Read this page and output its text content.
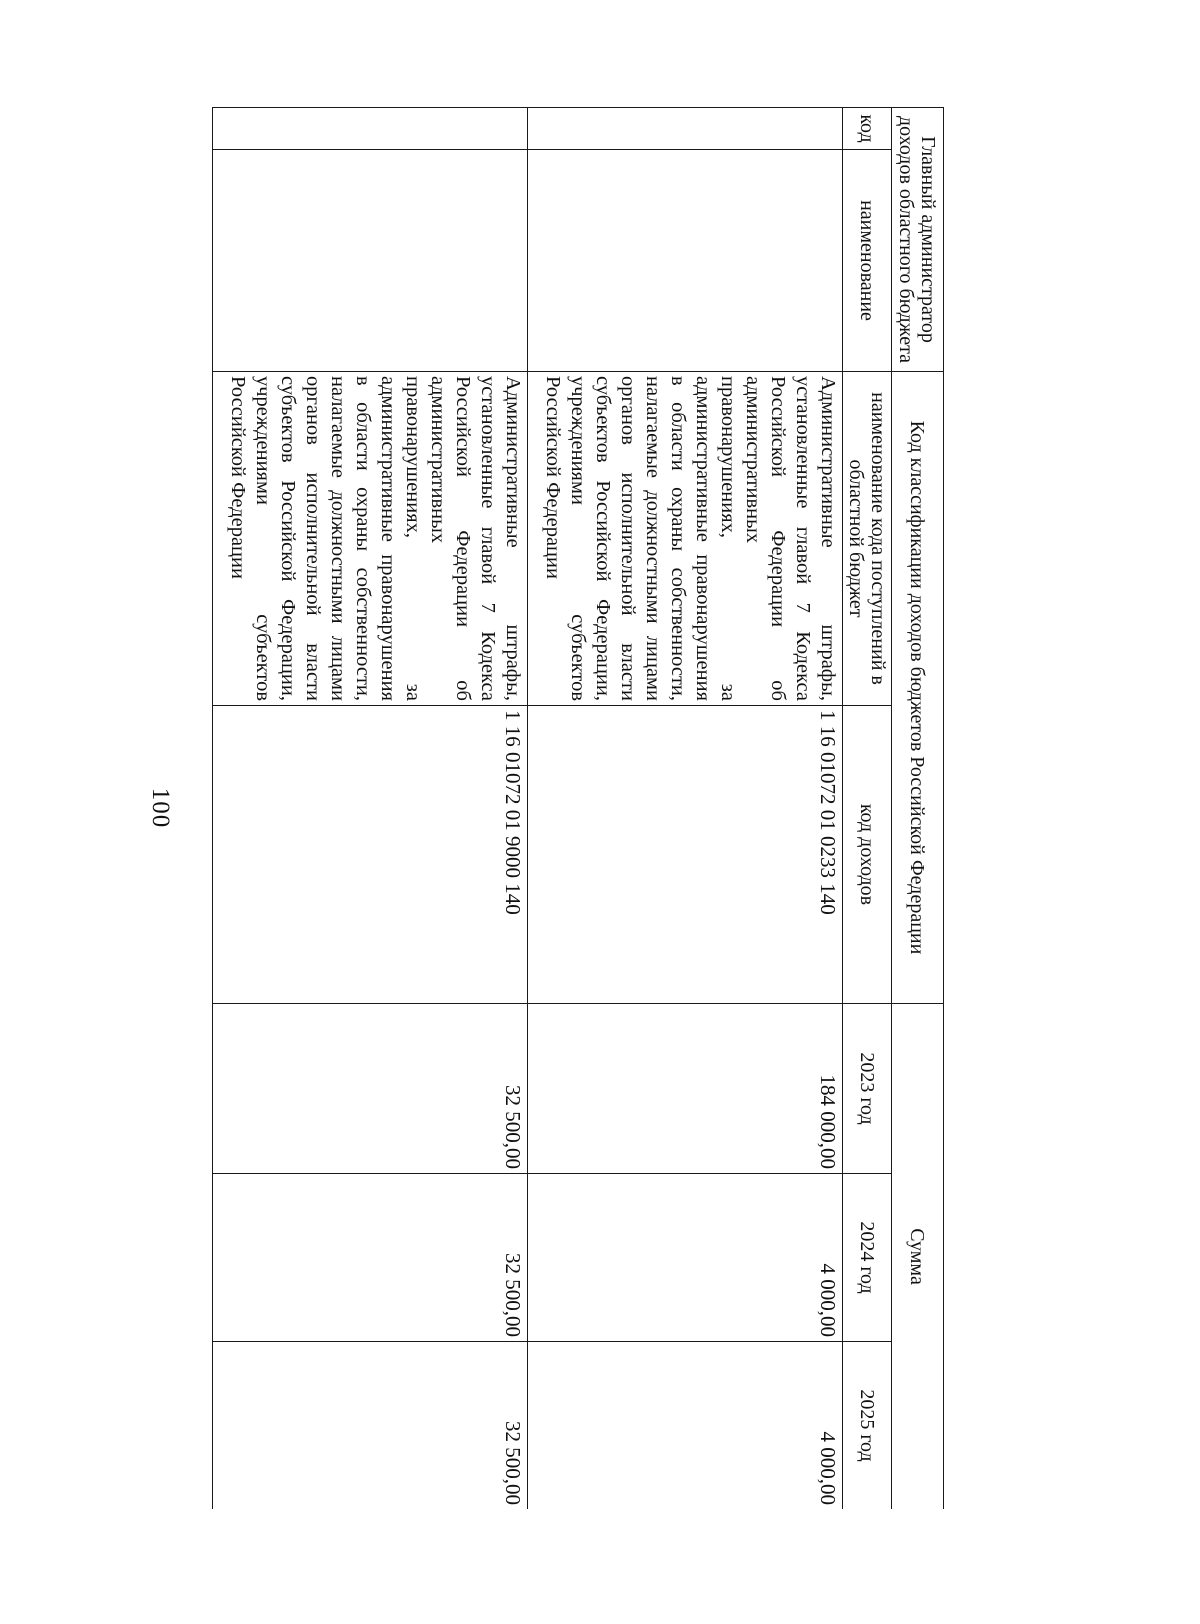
100
Главный администратор доходов областного бюджета		Код классификации доходов бюджетов Российской Федерации		Сумма		
код	наименование	наименование кода поступлений в областной бюджет	код доходов	2023 год	2024 год	2025 год
		Административные штрафы, установленные главой 7 Кодекса Российской Федерации об административных правонарушениях, за административные правонарушения в области охраны собственности, налагаемые должностными лицами органов исполнительной власти субъектов Российской Федерации, учреждениями субъектов Российской Федерации	1 16 01072 01 0233 140	184 000,00	4 000,00	4 000,00
		Административные штрафы, установленные главой 7 Кодекса Российской Федерации об административных правонарушениях, за административные правонарушения в области охраны собственности, налагаемые должностными лицами органов исполнительной власти субъектов Российской Федерации, учреждениями субъектов Российской Федерации	1 16 01072 01 9000 140	32 500,00	32 500,00	32 500,00
